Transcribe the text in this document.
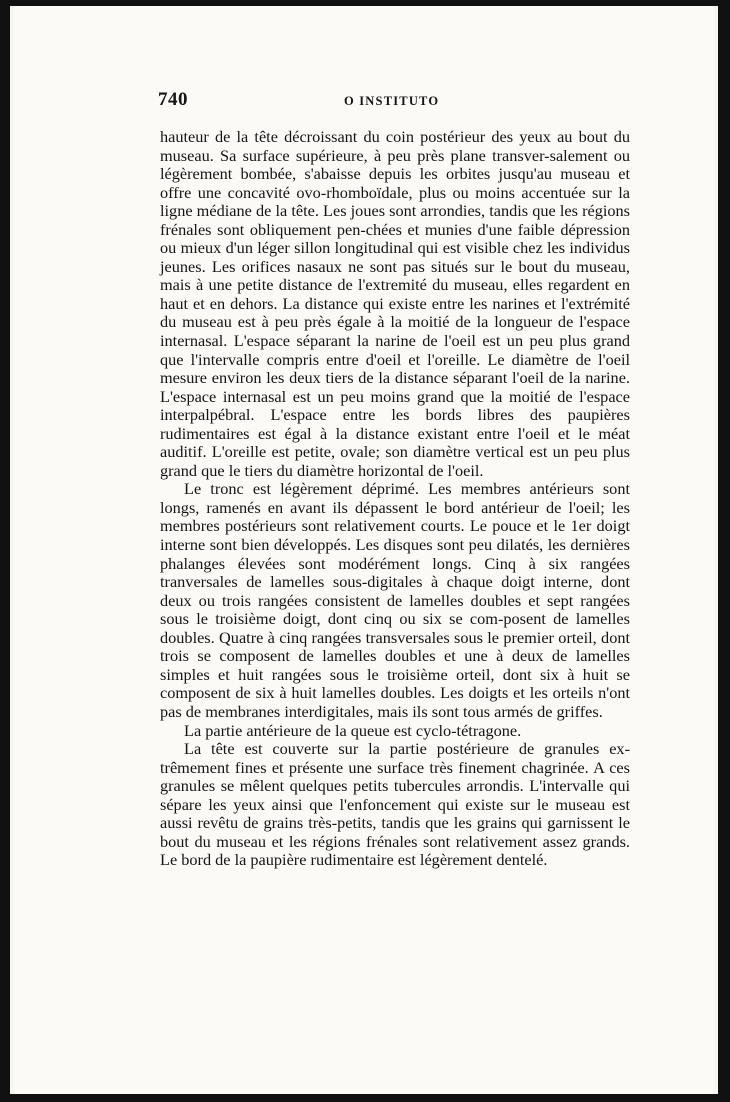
740	O INSTITUTO

hauteur de la tête décroissant du coin postérieur des yeux au bout du museau. Sa surface supérieure, à peu près plane transver-salement ou légèrement bombée, s'abaisse depuis les orbites jusqu'au museau et offre une concavité ovo-rhomboïdale, plus ou moins accentuée sur la ligne médiane de la tête. Les joues sont arrondies, tandis que les régions frénales sont obliquement pen-chées et munies d'une faible dépression ou mieux d'un léger sillon longitudinal qui est visible chez les individus jeunes. Les orifices nasaux ne sont pas situés sur le bout du museau, mais à une petite distance de l'extremité du museau, elles regardent en haut et en dehors. La distance qui existe entre les narines et l'extrémité du museau est à peu près égale à la moitié de la longueur de l'espace internasal. L'espace séparant la narine de l'oeil est un peu plus grand que l'intervalle compris entre d'oeil et l'oreille. Le diamètre de l'oeil mesure environ les deux tiers de la distance séparant l'oeil de la narine. L'espace internasal est un peu moins grand que la moitié de l'espace interpalpébral. L'espace entre les bords libres des paupières rudimentaires est égal à la distance existant entre l'oeil et le méat auditif. L'oreille est petite, ovale; son diamètre vertical est un peu plus grand que le tiers du diamètre horizontal de l'oeil.

Le tronc est légèrement déprimé. Les membres antérieurs sont longs, ramenés en avant ils dépassent le bord antérieur de l'oeil; les membres postérieurs sont relativement courts. Le pouce et le 1er doigt interne sont bien développés. Les disques sont peu dilatés, les dernières phalanges élevées sont modérément longs. Cinq à six rangées tranversales de lamelles sous-digitales à chaque doigt interne, dont deux ou trois rangées consistent de lamelles doubles et sept rangées sous le troisième doigt, dont cinq ou six se com-posent de lamelles doubles. Quatre à cinq rangées transversales sous le premier orteil, dont trois se composent de lamelles doubles et une à deux de lamelles simples et huit rangées sous le troisième orteil, dont six à huit se composent de six à huit lamelles doubles. Les doigts et les orteils n'ont pas de membranes interdigitales, mais ils sont tous armés de griffes.

La partie antérieure de la queue est cyclo-tétragone.

La tête est couverte sur la partie postérieure de granules ex-trêmement fines et présente une surface très finement chagrinée. A ces granules se mêlent quelques petits tubercules arrondis. L'intervalle qui sépare les yeux ainsi que l'enfoncement qui existe sur le museau est aussi revêtu de grains très-petits, tandis que les grains qui garnissent le bout du museau et les régions frénales sont relativement assez grands. Le bord de la paupière rudimentaire est légèrement dentelé.
